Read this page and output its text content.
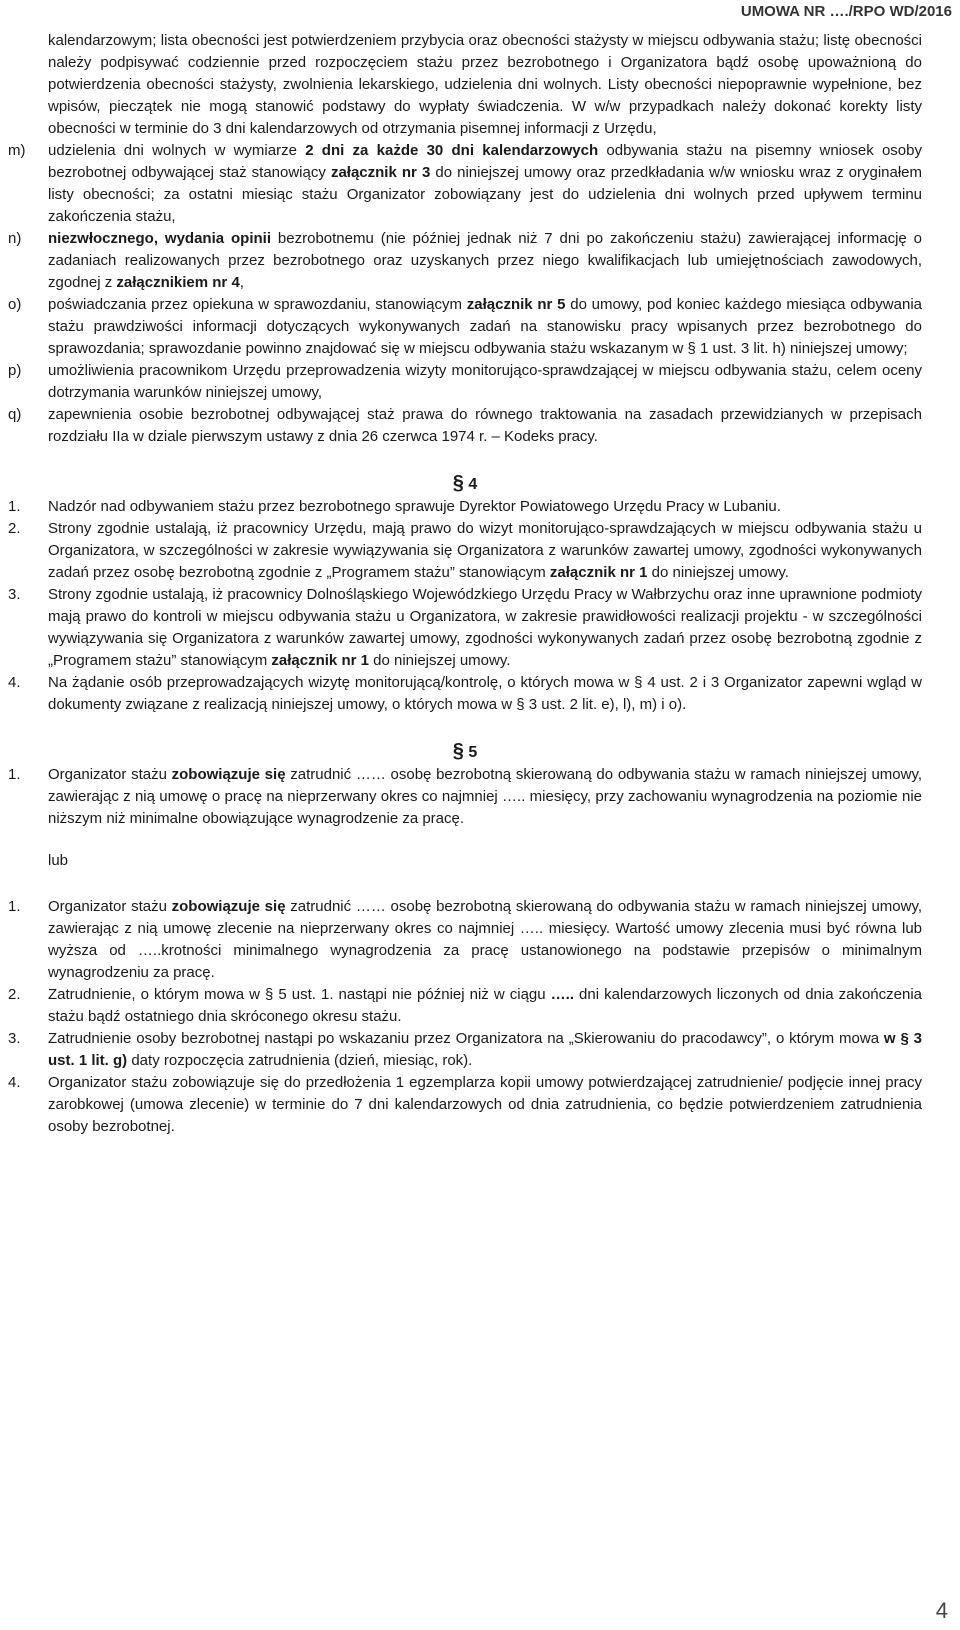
UMOWA NR …./RPO WD/2016

kalendarzowym; lista obecności jest potwierdzeniem przybycia oraz obecności stażysty w miejscu odbywania stażu; listę obecności należy podpisywać codziennie przed rozpoczęciem stażu przez bezrobotnego i Organizatora bądź osobę upoważnioną do potwierdzenia obecności stażysty, zwolnienia lekarskiego, udzielenia dni wolnych. Listy obecności niepoprawnie wypełnione, bez wpisów, pieczątek nie mogą stanowić podstawy do wypłaty świadczenia. W w/w przypadkach należy dokonać korekty listy obecności w terminie do 3 dni kalendarzowych od otrzymania pisemnej informacji z Urzędu,

m) udzielenia dni wolnych w wymiarze 2 dni za każde 30 dni kalendarzowych odbywania stażu na pisemny wniosek osoby bezrobotnej odbywającej staż stanowiący załącznik nr 3 do niniejszej umowy oraz przedkładania w/w wniosku wraz z oryginałem listy obecności; za ostatni miesiąc stażu Organizator zobowiązany jest do udzielenia dni wolnych przed upływem terminu zakończenia stażu,
n) niezwłocznego, wydania opinii bezrobotnemu (nie później jednak niż 7 dni po zakończeniu stażu) zawierającej informację o zadaniach realizowanych przez bezrobotnego oraz uzyskanych przez niego kwalifikacjach lub umiejętnościach zawodowych, zgodnej z załącznikiem nr 4,
o) poświadczania przez opiekuna w sprawozdaniu, stanowiącym załącznik nr 5 do umowy, pod koniec każdego miesiąca odbywania stażu prawdziwości informacji dotyczących wykonywanych zadań na stanowisku pracy wpisanych przez bezrobotnego do sprawozdania; sprawozdanie powinno znajdować się w miejscu odbywania stażu wskazanym w § 1 ust. 3 lit. h) niniejszej umowy;
p) umożliwienia pracownikom Urzędu przeprowadzenia wizyty monitorująco-sprawdzającej w miejscu odbywania stażu, celem oceny dotrzymania warunków niniejszej umowy,
q) zapewnienia osobie bezrobotnej odbywającej staż prawa do równego traktowania na zasadach przewidzianych w przepisach rozdziału IIa w dziale pierwszym ustawy z dnia 26 czerwca 1974 r. – Kodeks pracy.
§ 4
1. Nadzór nad odbywaniem stażu przez bezrobotnego sprawuje Dyrektor Powiatowego Urzędu Pracy w Lubaniu.
2. Strony zgodnie ustalają, iż pracownicy Urzędu, mają prawo do wizyt monitorująco-sprawdzających w miejscu odbywania stażu u Organizatora, w szczególności w zakresie wywiązywania się Organizatora z warunków zawartej umowy, zgodności wykonywanych zadań przez osobę bezrobotną zgodnie z „Programem stażu” stanowiącym załącznik nr 1 do niniejszej umowy.
3. Strony zgodnie ustalają, iż pracownicy Dolnośląskiego Wojewódzkiego Urzędu Pracy w Wałbrzychu oraz inne uprawnione podmioty mają prawo do kontroli w miejscu odbywania stażu u Organizatora, w zakresie prawidłowości realizacji projektu - w szczególności wywiązywania się Organizatora z warunków zawartej umowy, zgodności wykonywanych zadań przez osobę bezrobotną zgodnie z „Programem stażu” stanowiącym załącznik nr 1 do niniejszej umowy.
4. Na żądanie osób przeprowadzających wizytę monitorującą/kontrolę, o których mowa w § 4 ust. 2 i 3 Organizator zapewni wgląd w dokumenty związane z realizacją niniejszej umowy, o których mowa w § 3 ust. 2 lit. e), l), m) i o).
§ 5
1. Organizator stażu zobowiązuje się zatrudnić …… osobę bezrobotną skierowaną do odbywania stażu w ramach niniejszej umowy, zawierając z nią umowę o pracę na nieprzerwany okres co najmniej ….. miesięcy, przy zachowaniu wynagrodzenia na poziomie nie niższym niż minimalne obowiązujące wynagrodzenie za pracę.

lub

1. Organizator stażu zobowiązuje się zatrudnić …… osobę bezrobotną skierowaną do odbywania stażu w ramach niniejszej umowy, zawierając z nią umowę zlecenie na nieprzerwany okres co najmniej ….. miesięcy. Wartość umowy zlecenia musi być równa lub wyższa od …..krotności minimalnego wynagrodzenia za pracę ustanowionego na podstawie przepisów o minimalnym wynagrodzeniu za pracę.
2. Zatrudnienie, o którym mowa w § 5 ust. 1. nastąpi nie później niż w ciągu ….. dni kalendarzowych liczonych od dnia zakończenia stażu bądź ostatniego dnia skróconego okresu stażu.
3. Zatrudnienie osoby bezrobotnej nastąpi po wskazaniu przez Organizatora na „Skierowaniu do pracodawcy”, o którym mowa w § 3 ust. 1 lit. g) daty rozpoczęcia zatrudnienia (dzień, miesiąc, rok).
4. Organizator stażu zobowiązuje się do przedłożenia 1 egzemplarza kopii umowy potwierdzającej zatrudnienie/ podjęcie innej pracy zarobkowej (umowa zlecenie) w terminie do 7 dni kalendarzowych od dnia zatrudnienia, co będzie potwierdzeniem zatrudnienia osoby bezrobotnej.
4
